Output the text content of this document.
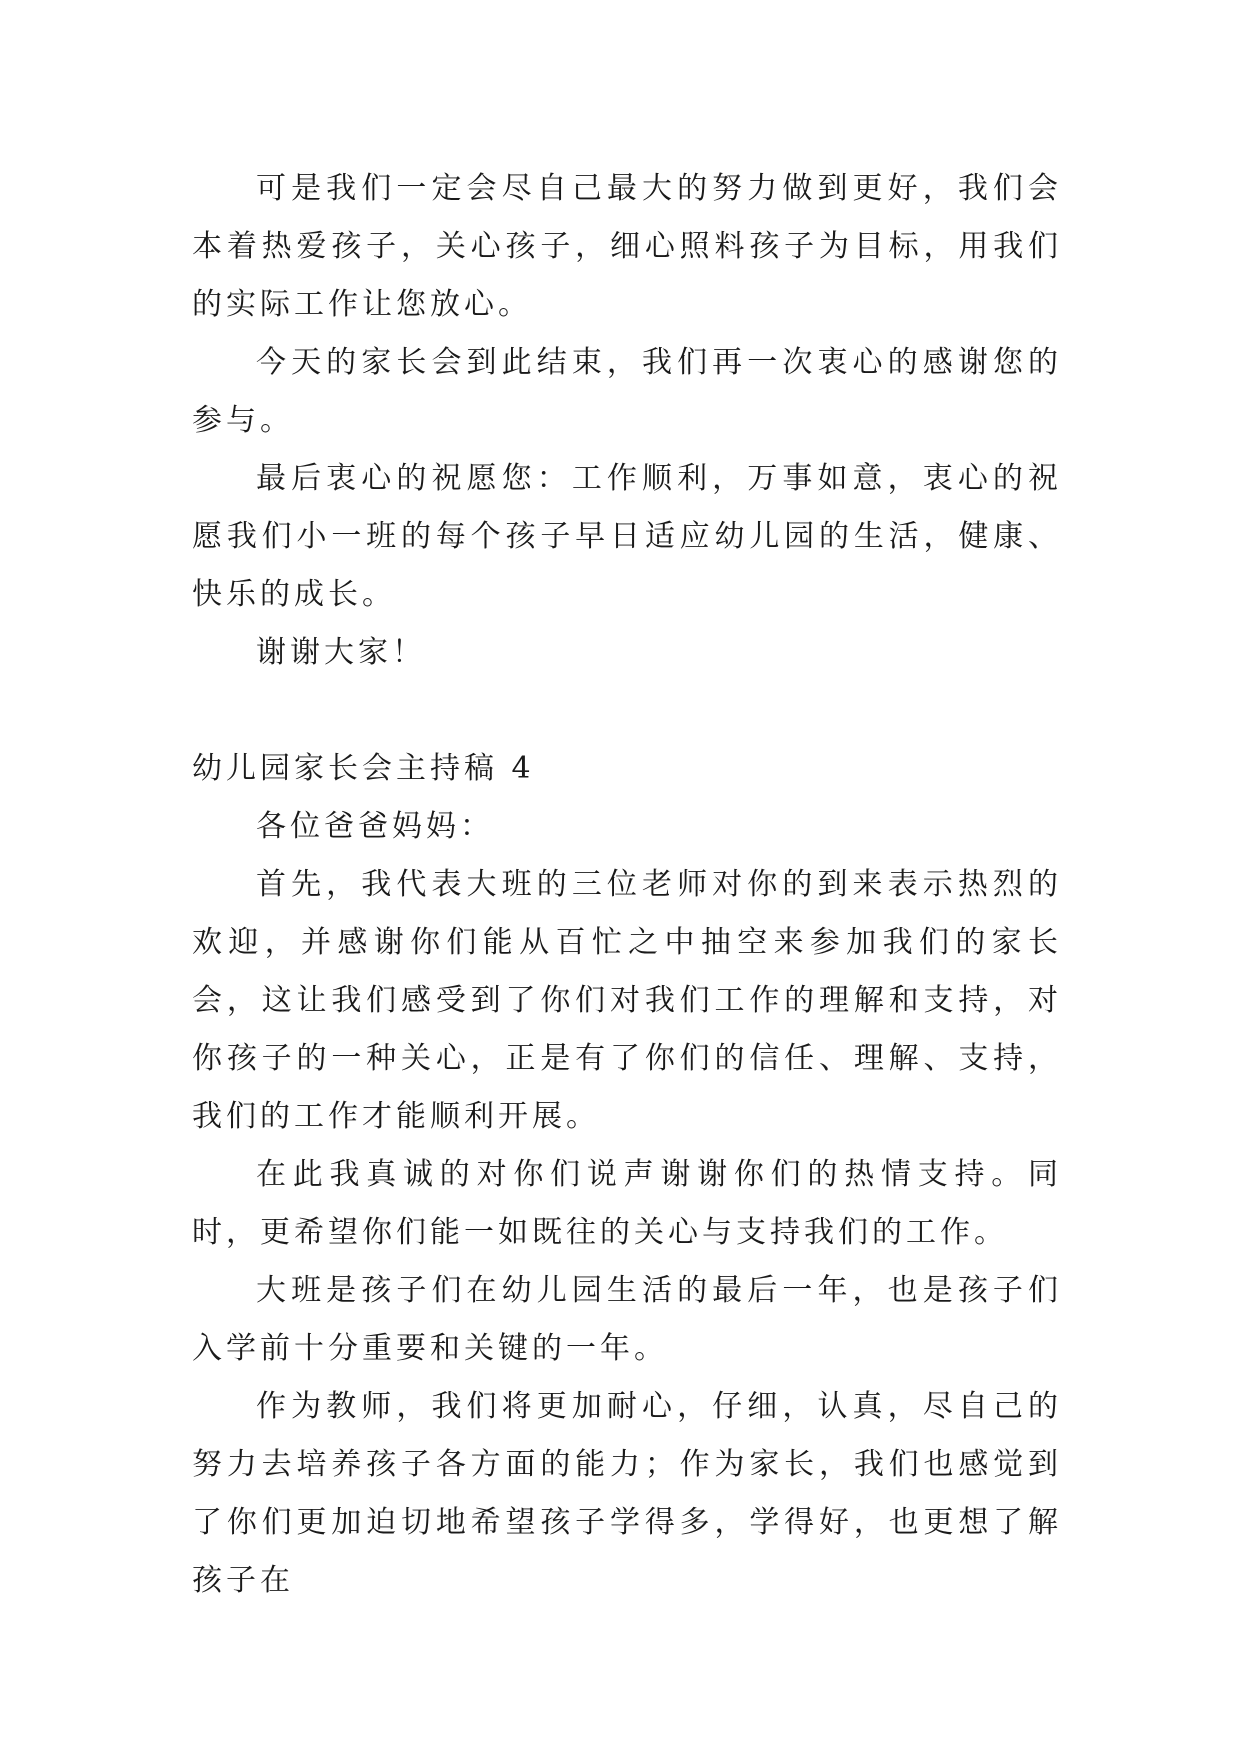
可是我们一定会尽自己最大的努力做到更好，我们会本着热爱孩子，关心孩子，细心照料孩子为目标，用我们的实际工作让您放心。

今天的家长会到此结束，我们再一次衷心的感谢您的参与。

最后衷心的祝愿您：工作顺利，万事如意，衷心的祝愿我们小一班的每个孩子早日适应幼儿园的生活，健康、快乐的成长。

谢谢大家！

幼儿园家长会主持稿 4

各位爸爸妈妈：

首先，我代表大班的三位老师对你的到来表示热烈的欢迎，并感谢你们能从百忙之中抽空来参加我们的家长会，这让我们感受到了你们对我们工作的理解和支持，对你孩子的一种关心，正是有了你们的信任、理解、支持，我们的工作才能顺利开展。

在此我真诚的对你们说声谢谢你们的热情支持。同时，更希望你们能一如既往的关心与支持我们的工作。

大班是孩子们在幼儿园生活的最后一年，也是孩子们入学前十分重要和关键的一年。

作为教师，我们将更加耐心，仔细，认真，尽自己的努力去培养孩子各方面的能力；作为家长，我们也感觉到了你们更加迫切地希望孩子学得多，学得好，也更想了解孩子在
